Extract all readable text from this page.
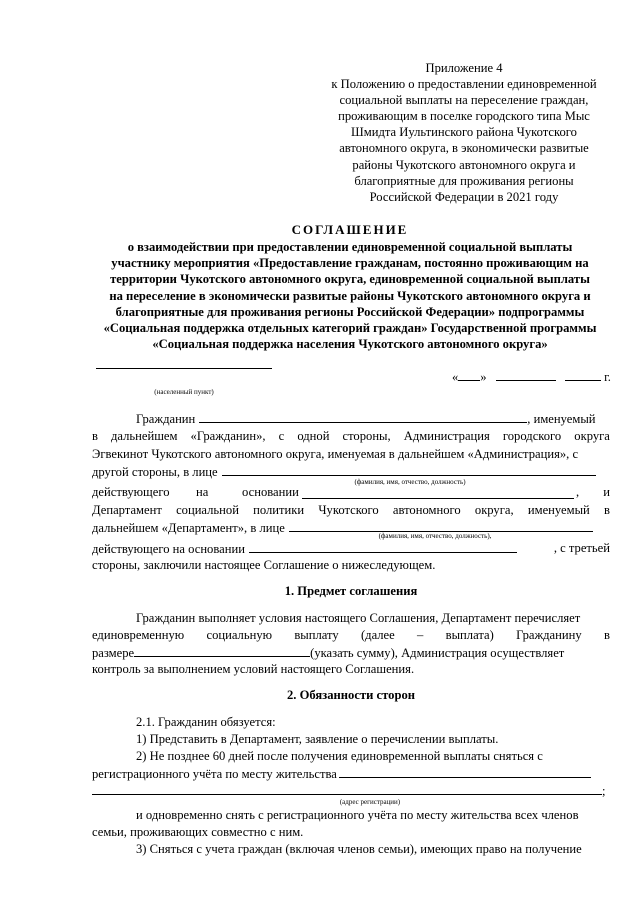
Приложение 4
к Положению о предоставлении единовременной
социальной выплаты на переселение граждан,
проживающим в поселке городского типа Мыс
Шмидта Иультинского района Чукотского
автономного округа, в экономически развитые
районы Чукотского автономного округа и
благоприятные для проживания регионы
Российской Федерации в 2021 году
СОГЛАШЕНИЕ
о взаимодействии при предоставлении единовременной социальной выплаты
участнику мероприятия «Предоставление гражданам, постоянно проживающим на
территории Чукотского автономного округа, единовременной социальной выплаты
на переселение в экономически развитые районы Чукотского автономного округа и
благоприятные для проживания регионы Российской Федерации» подпрограммы
«Социальная поддержка отдельных категорий граждан» Государственной программы
«Социальная поддержка населения Чукотского автономного округа»
(населенный пункт)
« »	г.
Гражданин	, именуемый
в дальнейшем «Гражданин», с одной стороны, Администрация городского округа
Эгвекинот Чукотского автономного округа, именуемая в дальнейшем «Администрация», с
другой стороны, в лице
(фамилия, имя, отчество, должность)
действующего на	основании	, и
Департамент социальной политики Чукотского автономного округа, именуемый в
дальнейшем «Департамент», в лице
(фамилия, имя, отчество, должность),
действующего на основании	, с третьей
стороны, заключили настоящее Соглашение о нижеследующем.
1. Предмет соглашения
Гражданин выполняет условия настоящего Соглашения, Департамент перечисляет
единовременную социальную выплату (далее – выплата) Гражданину в
размере	(указать сумму), Администрация осуществляет
контроль за выполнением условий настоящего Соглашения.
2. Обязанности сторон
2.1. Гражданин обязуется:
1) Представить в Департамент, заявление о перечислении выплаты.
2) Не позднее 60 дней после получения единовременной выплаты сняться с
регистрационного учёта по месту жительства
;
(адрес регистрации)
и одновременно снять с регистрационного учёта по месту жительства всех членов
семьи, проживающих совместно с ним.
3) Сняться с учета граждан (включая членов семьи), имеющих право на получение
